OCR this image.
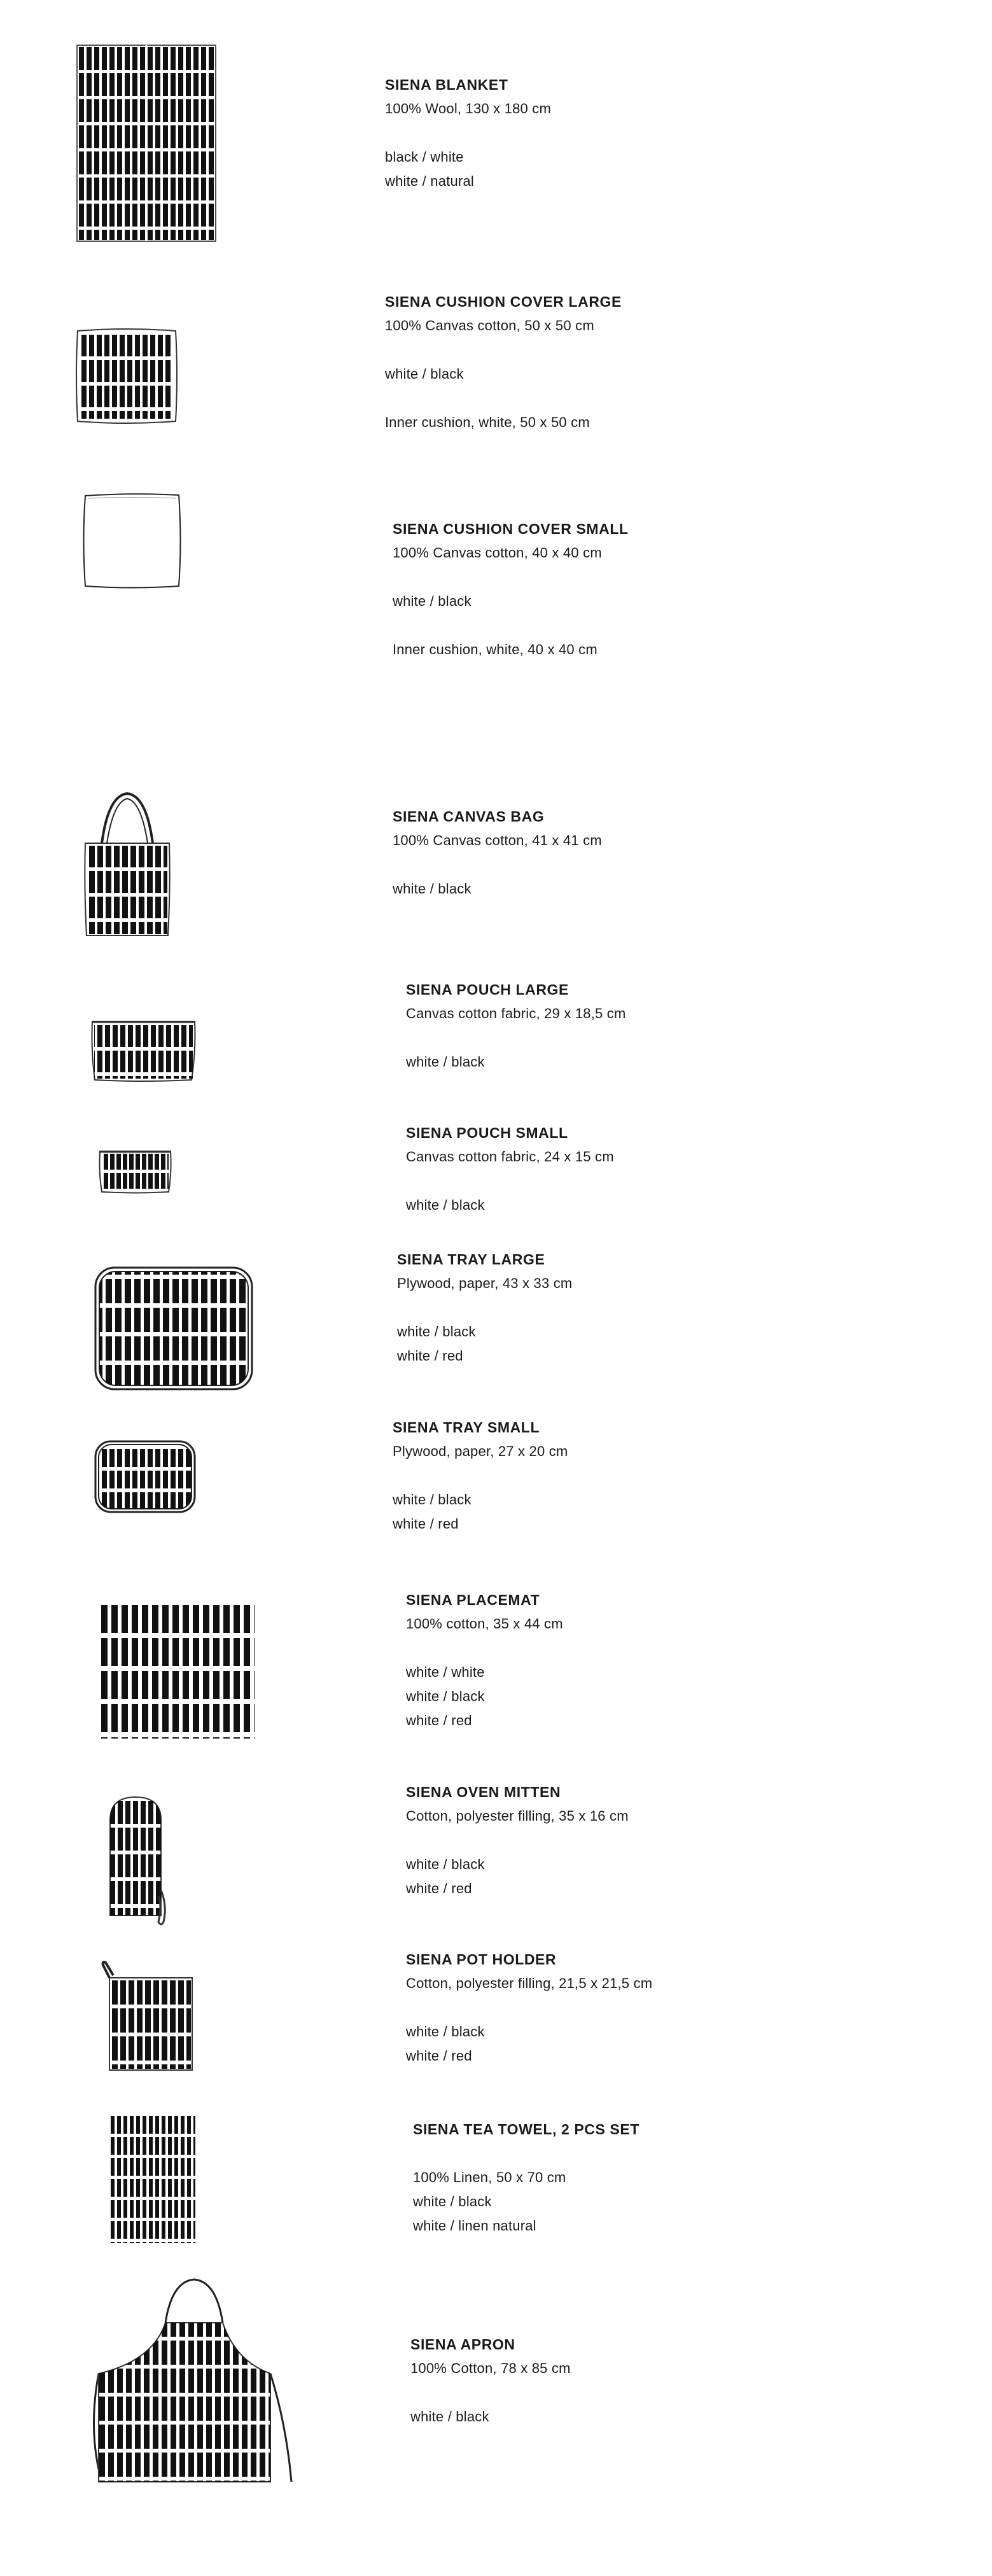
SIENA BLANKET
100% Wool, 130 x 180 cm
black / white
white / natural
SIENA CUSHION COVER LARGE
100% Canvas cotton, 50 x 50 cm
white / black
Inner cushion, white, 50 x 50 cm
SIENA CUSHION COVER SMALL
100% Canvas cotton, 40 x 40 cm
white / black
Inner cushion, white, 40 x 40 cm
SIENA CANVAS BAG
100% Canvas cotton, 41 x 41 cm
white / black
SIENA POUCH LARGE
Canvas cotton fabric, 29 x 18,5 cm
white / black
SIENA POUCH SMALL
Canvas cotton fabric, 24 x 15 cm
white / black
SIENA TRAY LARGE
Plywood, paper, 43 x 33 cm
white / black
white / red
SIENA TRAY SMALL
Plywood, paper, 27 x 20 cm
white / black
white / red
SIENA PLACEMAT
100% cotton, 35 x 44 cm
white / white
white / black
white / red
SIENA OVEN MITTEN
Cotton, polyester filling, 35 x 16 cm
white / black
white / red
SIENA POT HOLDER
Cotton, polyester filling, 21,5 x 21,5 cm
white / black
white / red
SIENA TEA TOWEL, 2 PCS SET
100% Linen, 50 x 70 cm
white / black
white / linen natural
SIENA APRON
100% Cotton, 78 x 85 cm
white / black
